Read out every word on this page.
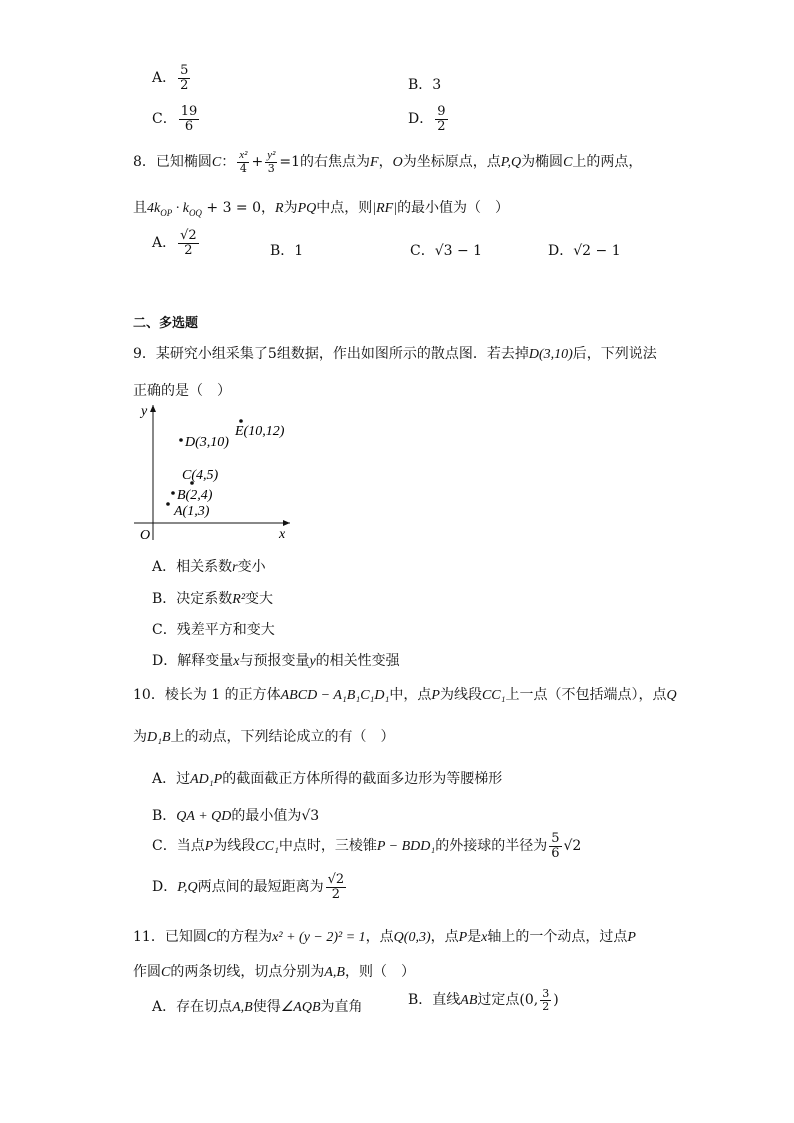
A． $\frac{5}{2}$	B．3
C． $\frac{19}{6}$	D． $\frac{9}{2}$
8．已知椭圆C： $\frac{\text{x²}}{4} + \frac{\text{y²}}{3} =1$的右焦点为F，O为坐标原点，点P,Q为椭圆C上的两点，
且$4k_{OP} \cdot k_{OQ} + 3 = 0$，R为PQ中点，则|RF|的最小值为（　）
A． $\frac{√2}{2}$	B．1	C．√3 − 1	D．√2 − 1
二、多选题
9．某研究小组采集了5组数据，作出如图所示的散点图．若去掉D(3,10)后，下列说法
正确的是（　）
x
y
O
A(1,3)
B(2,4)
C(4,5)
D(3,10)
E(10,12)
A．相关系数r变小
B．决定系数R²变大
C．残差平方和变大
D．解释变量x与预报变量y的相关性变强
10．棱长为 1 的正方体ABCD − A₁B₁C₁D₁中，点P为线段CC₁上一点（不包括端点），点Q
为D₁B上的动点，下列结论成立的有（　）
A．过AD₁P的截面截正方体所得的截面多边形为等腰梯形
B．QA + QD的最小值为√3
C．当点P为线段CC₁中点时，三棱锥P − BDD₁的外接球的半径为 $\frac{5}{6} √2$
D．P,Q两点间的最短距离为 $\frac{√2}{2}$
11．已知圆C的方程为x² + (y − 2)² = 1，点Q(0,3)，点P是x轴上的一个动点，过点P
作圆C的两条切线，切点分别为A,B，则（　）
A．存在切点A,B使得∠AQB为直角	B．直线AB过定点(0, $\frac{3}{2}$ )
